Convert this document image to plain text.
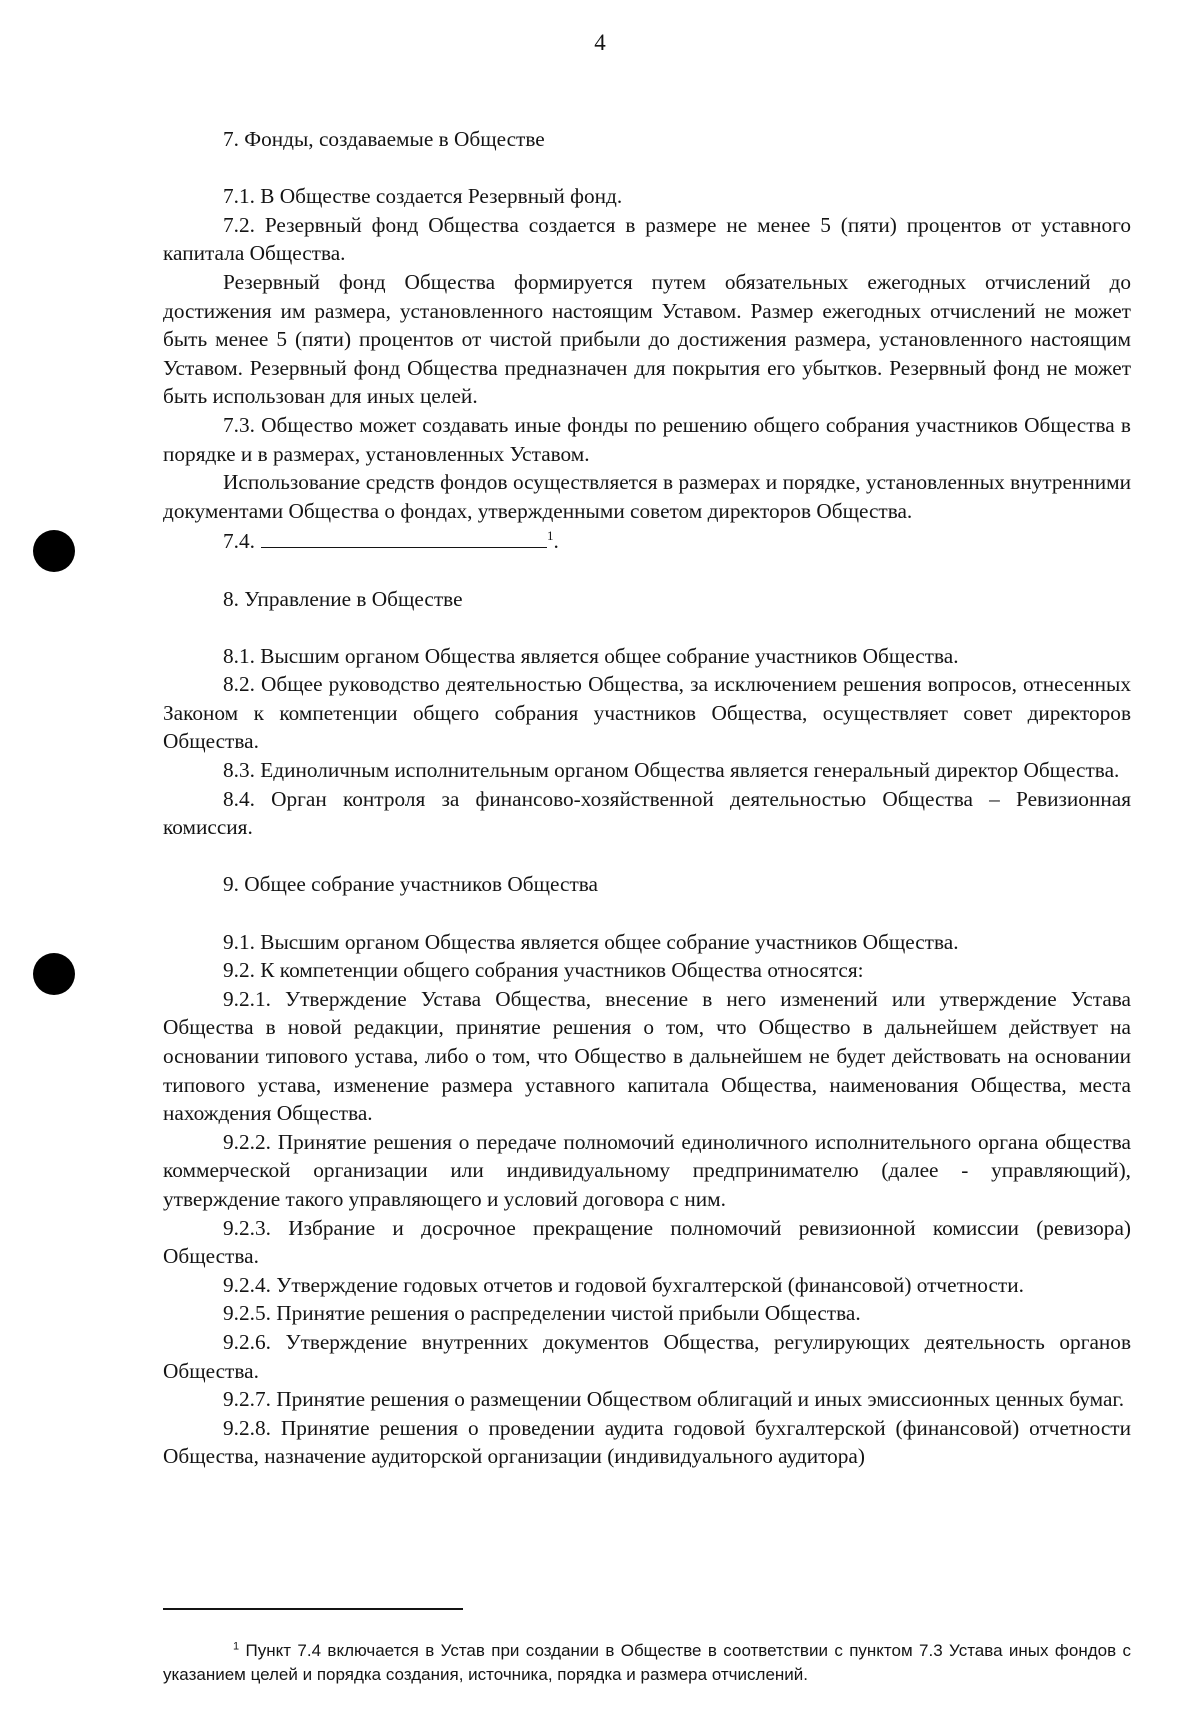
4

7. Фонды, создаваемые в Обществе

7.1. В Обществе создается Резервный фонд.

7.2. Резервный фонд Общества создается в размере не менее 5 (пяти) процентов от уставного капитала Общества.

Резервный фонд Общества формируется путем обязательных ежегодных отчислений до достижения им размера, установленного настоящим Уставом. Размер ежегодных отчислений не может быть менее 5 (пяти) процентов от чистой прибыли до достижения размера, установленного настоящим Уставом. Резервный фонд Общества предназначен для покрытия его убытков. Резервный фонд не может быть использован для иных целей.

7.3. Общество может создавать иные фонды по решению общего собрания участников Общества в порядке и в размерах, установленных Уставом.

Использование средств фондов осуществляется в размерах и порядке, установленных внутренними документами Общества о фондах, утвержденными советом директоров Общества.

7.4.	$^1$.

8. Управление в Обществе

8.1. Высшим органом Общества является общее собрание участников Общества.

8.2. Общее руководство деятельностью Общества, за исключением решения вопросов, отнесенных Законом к компетенции общего собрания участников Общества, осуществляет совет директоров Общества.

8.3. Единоличным исполнительным органом Общества является генеральный директор Общества.

8.4. Орган контроля за финансово-хозяйственной деятельностью Общества – Ревизионная комиссия.

9. Общее собрание участников Общества

9.1. Высшим органом Общества является общее собрание участников Общества.

9.2. К компетенции общего собрания участников Общества относятся:

9.2.1. Утверждение Устава Общества, внесение в него изменений или утверждение Устава Общества в новой редакции, принятие решения о том, что Общество в дальнейшем действует на основании типового устава, либо о том, что Общество в дальнейшем не будет действовать на основании типового устава, изменение размера уставного капитала Общества, наименования Общества, места нахождения Общества.

9.2.2. Принятие решения о передаче полномочий единоличного исполнительного органа общества коммерческой организации или индивидуальному предпринимателю (далее - управляющий), утверждение такого управляющего и условий договора с ним.

9.2.3. Избрание и досрочное прекращение полномочий ревизионной комиссии (ревизора) Общества.

9.2.4. Утверждение годовых отчетов и годовой бухгалтерской (финансовой) отчетности.

9.2.5. Принятие решения о распределении чистой прибыли Общества.

9.2.6. Утверждение внутренних документов Общества, регулирующих деятельность органов Общества.

9.2.7. Принятие решения о размещении Обществом облигаций и иных эмиссионных ценных бумаг.

9.2.8. Принятие решения о проведении аудита годовой бухгалтерской (финансовой) отчетности Общества, назначение аудиторской организации (индивидуального аудитора)

$^1$ Пункт 7.4 включается в Устав при создании в Обществе в соответствии с пунктом 7.3 Устава иных фондов с указанием целей и порядка создания, источника, порядка и размера отчислений.
